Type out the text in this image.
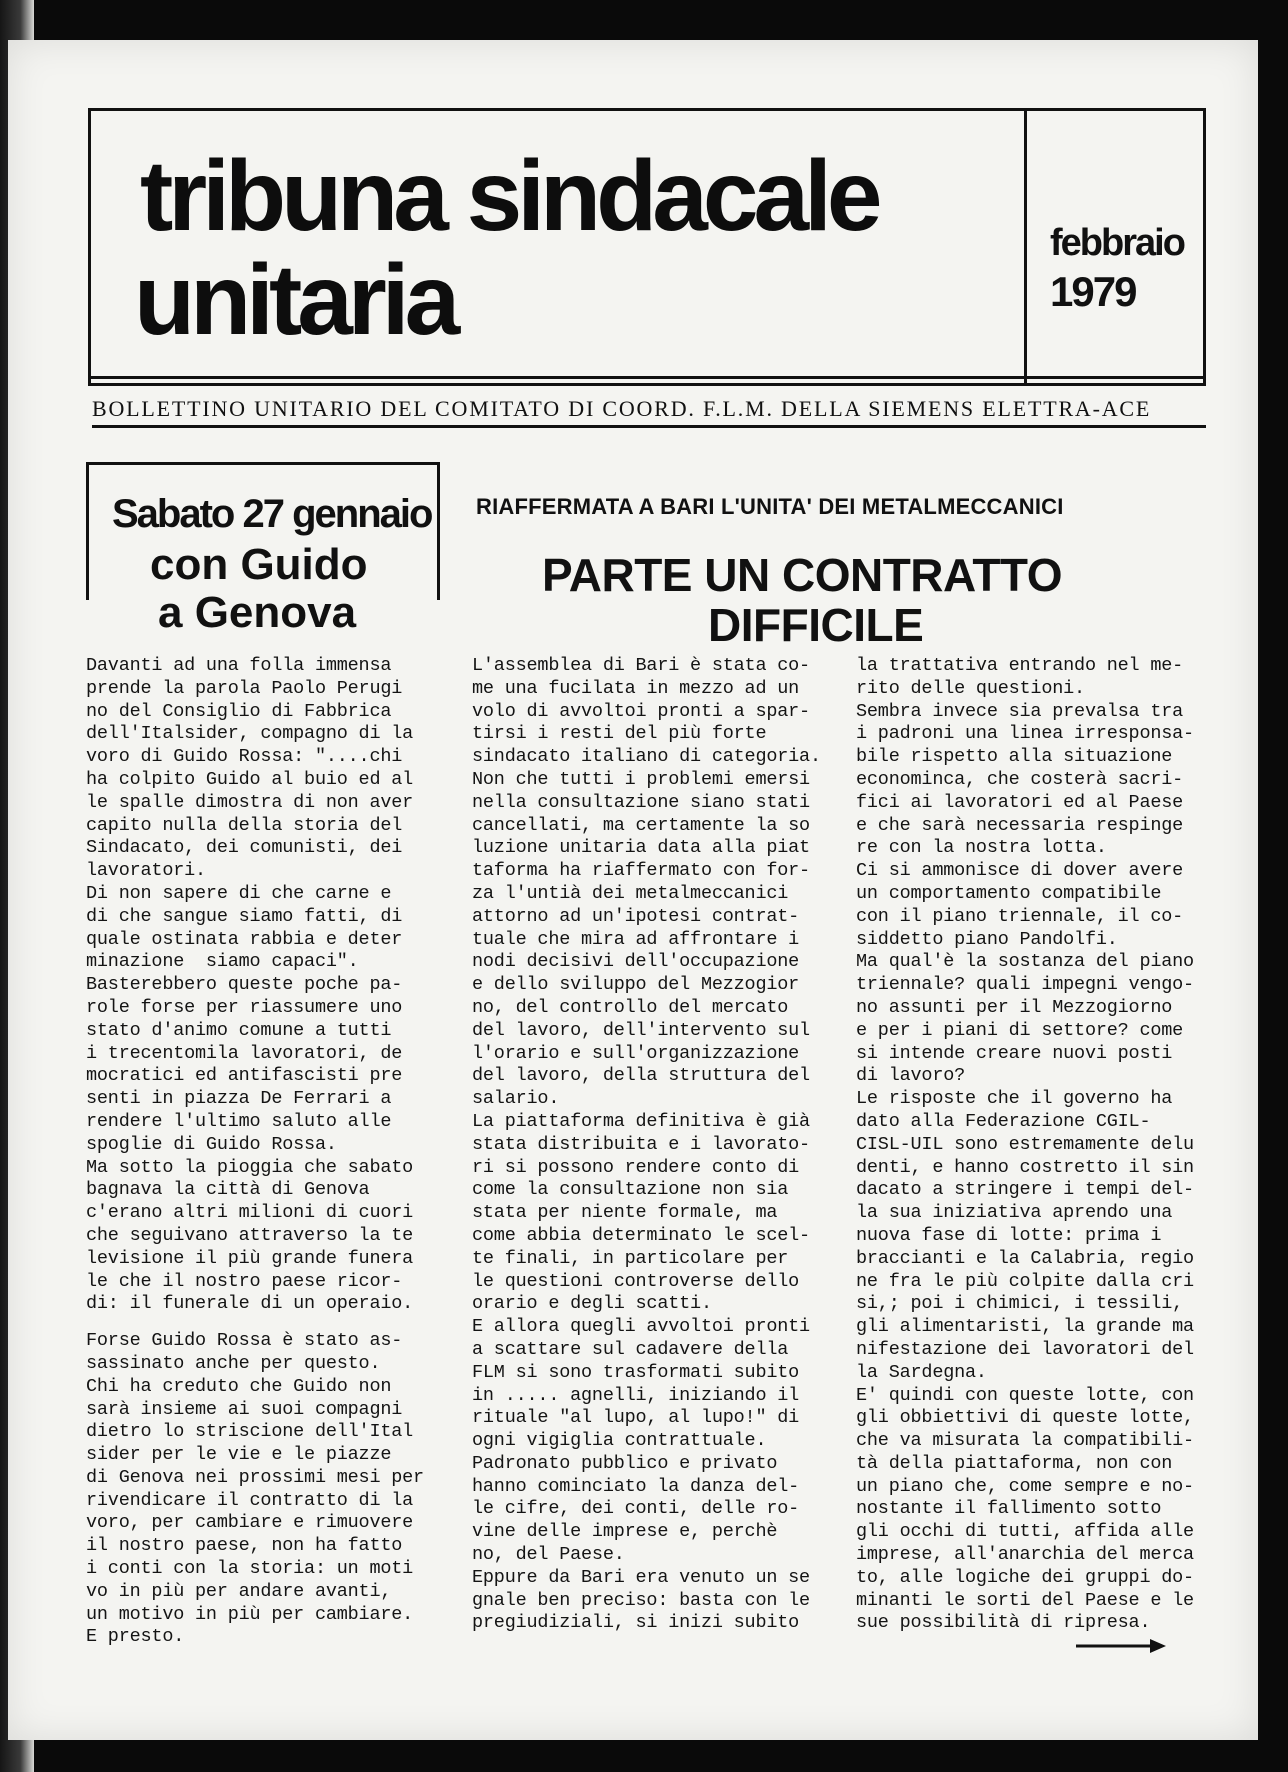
tribuna sindacale
unitaria
febbraio
1979
BOLLETTINO UNITARIO DEL COMITATO DI COORD. F.L.M. DELLA SIEMENS ELETTRA-ACE
Sabato 27 gennaio
con Guido
a Genova
RIAFFERMATA A BARI L'UNITA' DEI METALMECCANICI
PARTE UN CONTRATTO
DIFFICILE

Davanti ad una folla immensa

prende la parola Paolo Perugi

no del Consiglio di Fabbrica

dell'Italsider, compagno di la

voro di Guido Rossa: "....chi

ha colpito Guido al buio ed al

le spalle dimostra di non aver

capito nulla della storia del

Sindacato, dei comunisti, dei

lavoratori.

Di non sapere di che carne e

di che sangue siamo fatti, di

quale ostinata rabbia e deter

minazione  siamo capaci".

Basterebbero queste poche pa-

role forse per riassumere uno

stato d'animo comune a tutti

i trecentomila lavoratori, de

mocratici ed antifascisti pre

senti in piazza De Ferrari a

rendere l'ultimo saluto alle

spoglie di Guido Rossa.

Ma sotto la pioggia che sabato

bagnava la città di Genova

c'erano altri milioni di cuori

che seguivano attraverso la te

levisione il più grande funera

le che il nostro paese ricor-

di: il funerale di un operaio.

Forse Guido Rossa è stato as-

sassinato anche per questo.

Chi ha creduto che Guido non

sarà insieme ai suoi compagni

dietro lo striscione dell'Ital

sider per le vie e le piazze

di Genova nei prossimi mesi per

rivendicare il contratto di la

voro, per cambiare e rimuovere

il nostro paese, non ha fatto

i conti con la storia: un moti

vo in più per andare avanti,

un motivo in più per cambiare.

E presto.

L'assemblea di Bari è stata co-

me una fucilata in mezzo ad un

volo di avvoltoi pronti a spar-

tirsi i resti del più forte

sindacato italiano di categoria.

Non che tutti i problemi emersi

nella consultazione siano stati

cancellati, ma certamente la so

luzione unitaria data alla piat

taforma ha riaffermato con for-

za l'untià dei metalmeccanici

attorno ad un'ipotesi contrat-

tuale che mira ad affrontare i

nodi decisivi dell'occupazione

e dello sviluppo del Mezzogior

no, del controllo del mercato

del lavoro, dell'intervento sul

l'orario e sull'organizzazione

del lavoro, della struttura del

salario.

La piattaforma definitiva è già

stata distribuita e i lavorato-

ri si possono rendere conto di

come la consultazione non sia

stata per niente formale, ma

come abbia determinato le scel-

te finali, in particolare per

le questioni controverse dello

orario e degli scatti.

E allora quegli avvoltoi pronti

a scattare sul cadavere della

FLM si sono trasformati subito

in ..... agnelli, iniziando il

rituale "al lupo, al lupo!" di

ogni vigiglia contrattuale.

Padronato pubblico e privato

hanno cominciato la danza del-

le cifre, dei conti, delle ro-

vine delle imprese e, perchè

no, del Paese.

Eppure da Bari era venuto un se

gnale ben preciso: basta con le

pregiudiziali, si inizi subito

la trattativa entrando nel me-

rito delle questioni.

Sembra invece sia prevalsa tra

i padroni una linea irresponsa-

bile rispetto alla situazione

econominca, che costerà sacri-

fici ai lavoratori ed al Paese

e che sarà necessaria respinge

re con la nostra lotta.

Ci si ammonisce di dover avere

un comportamento compatibile

con il piano triennale, il co-

siddetto piano Pandolfi.

Ma qual'è la sostanza del piano

triennale? quali impegni vengo-

no assunti per il Mezzogiorno

e per i piani di settore? come

si intende creare nuovi posti

di lavoro?

Le risposte che il governo ha

dato alla Federazione CGIL-

CISL-UIL sono estremamente delu

denti, e hanno costretto il sin

dacato a stringere i tempi del-

la sua iniziativa aprendo una

nuova fase di lotte: prima i

braccianti e la Calabria, regio

ne fra le più colpite dalla cri

si,; poi i chimici, i tessili,

gli alimentaristi, la grande ma

nifestazione dei lavoratori del

la Sardegna.

E' quindi con queste lotte, con

gli obbiettivi di queste lotte,

che va misurata la compatibili-

tà della piattaforma, non con

un piano che, come sempre e no-

nostante il fallimento sotto

gli occhi di tutti, affida alle

imprese, all'anarchia del merca

to, alle logiche dei gruppi do-

minanti le sorti del Paese e le

sue possibilità di ripresa.
